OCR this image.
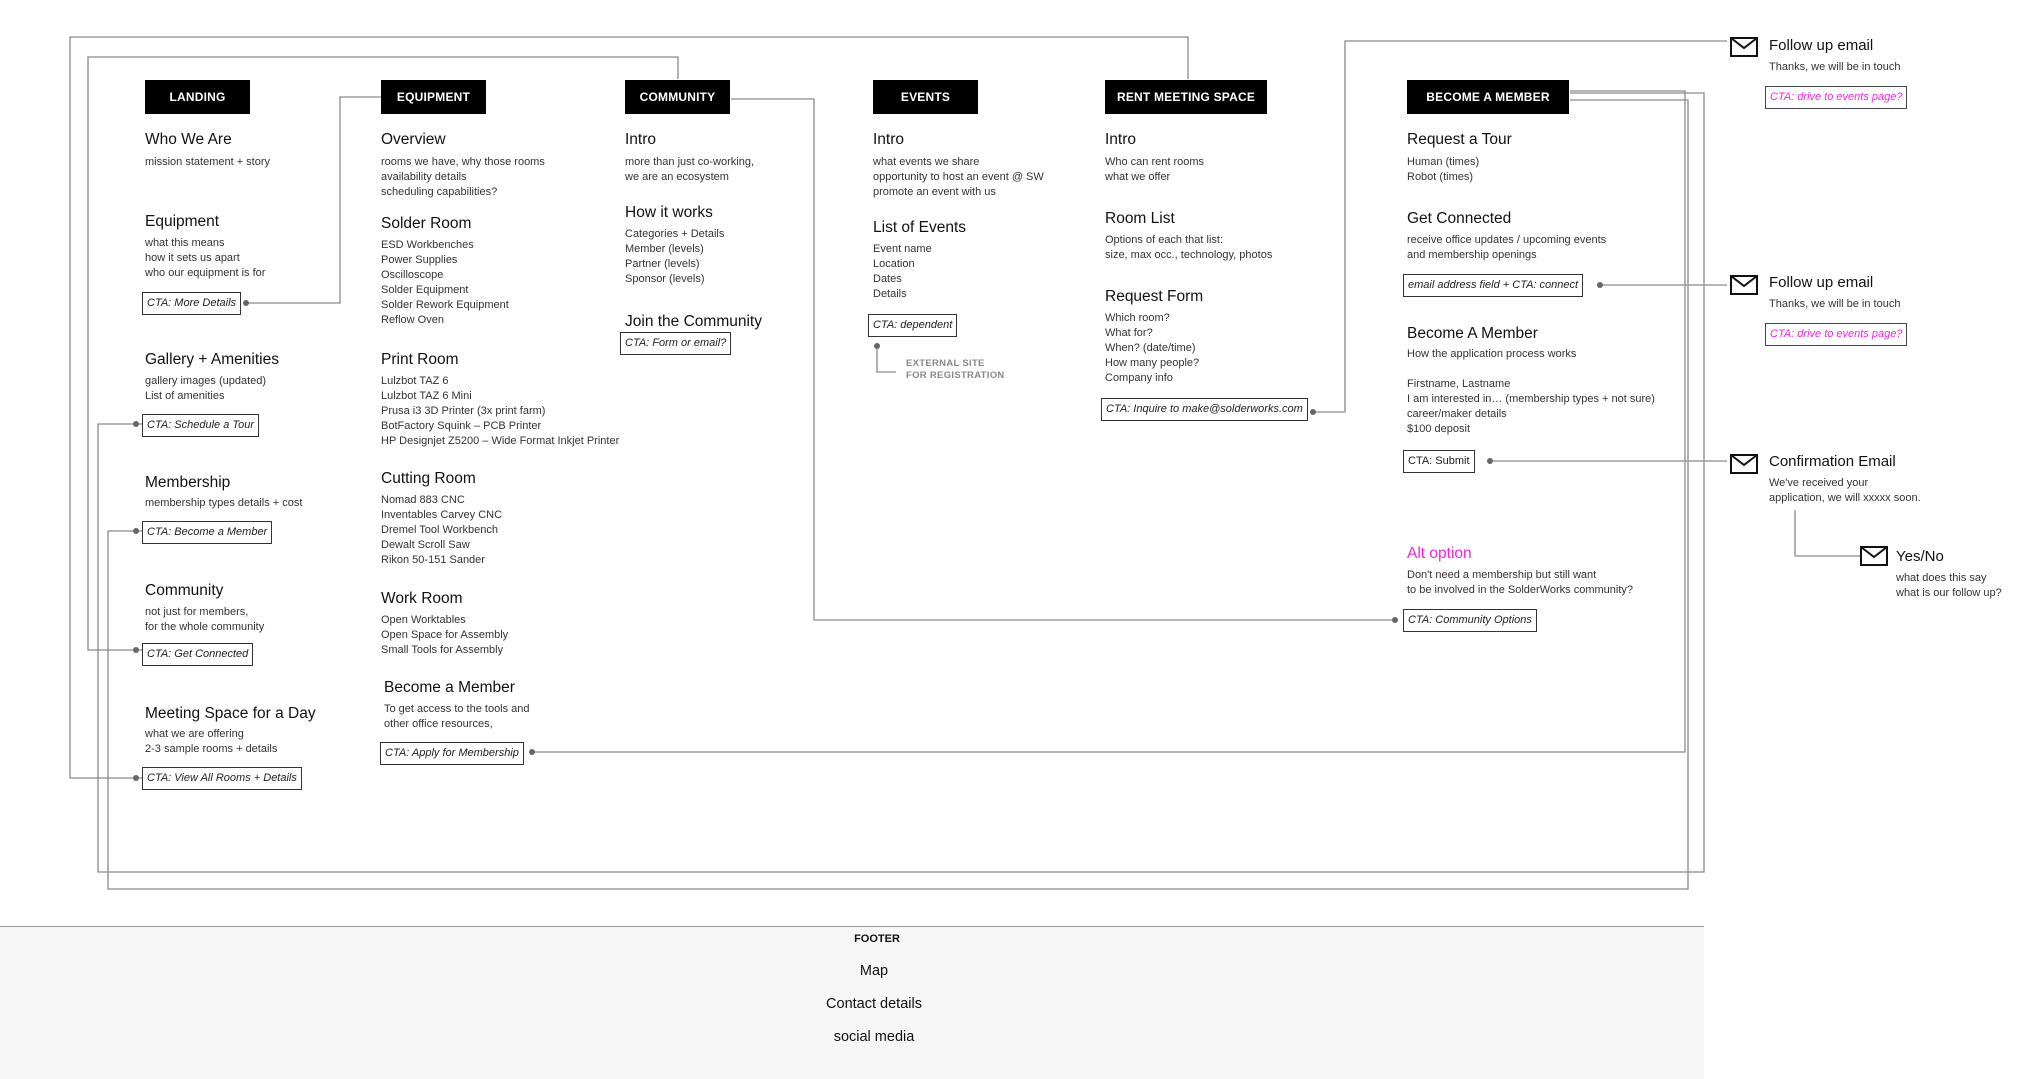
LANDING
Who We Are
mission statement + story
Equipment
what this means
how it sets us apart
who our equipment is for
CTA: More Details
Gallery + Amenities
gallery images (updated)
List of amenities
CTA: Schedule a Tour
Membership
membership types details + cost
CTA: Become a Member
Community
not just for members,
for the whole community
CTA: Get Connected
Meeting Space for a Day
what we are offering
2-3 sample rooms + details
CTA: View All Rooms + Details
EQUIPMENT
Overview
rooms we have, why those rooms
availability details
scheduling capabilities?
Solder Room
ESD Workbenches
Power Supplies
Oscilloscope
Solder Equipment
Solder Rework Equipment
Reflow Oven
Print Room
Lulzbot TAZ 6
Lulzbot TAZ 6 Mini
Prusa i3 3D Printer (3x print farm)
BotFactory Squink – PCB Printer
HP Designjet Z5200 – Wide Format Inkjet Printer
Cutting Room
Nomad 883 CNC
Inventables Carvey CNC
Dremel Tool Workbench
Dewalt Scroll Saw
Rikon 50-151 Sander
Work Room
Open Worktables
Open Space for Assembly
Small Tools for Assembly
Become a Member
To get access to the tools and
other office resources,
CTA: Apply for Membership
COMMUNITY
Intro
more than just co-working,
we are an ecosystem
How it works
Categories + Details
Member (levels)
Partner (levels)
Sponsor (levels)
Join the Community
CTA: Form or email?
EVENTS
Intro
what events we share
opportunity to host an event @ SW
promote an event with us
List of Events
Event name
Location
Dates
Details
CTA: dependent
EXTERNAL SITE
FOR REGISTRATION
RENT MEETING SPACE
Intro
Who can rent rooms
what we offer
Room List
Options of each that list:
size, max occ., technology, photos
Request Form
Which room?
What for?
When? (date/time)
How many people?
Company info
CTA: Inquire to make@solderworks.com
BECOME A MEMBER
Request a Tour
Human (times)
Robot (times)
Get Connected
receive office updates / upcoming events
and membership openings
email address field + CTA: connect
Become A Member
How the application process works
Firstname, Lastname
I am interested in… (membership types + not sure)
career/maker details
$100 deposit
CTA: Submit
Alt option
Don't need a membership but still want
to be involved in the SolderWorks community?
CTA: Community Options
Follow up email
Thanks, we will be in touch
CTA: drive to events page?
Follow up email
Thanks, we will be in touch
CTA: drive to events page?
Confirmation Email
We've received your
application, we will xxxxx soon.
Yes/No
what does this say
what is our follow up?
FOOTER
Map
Contact details
social media
